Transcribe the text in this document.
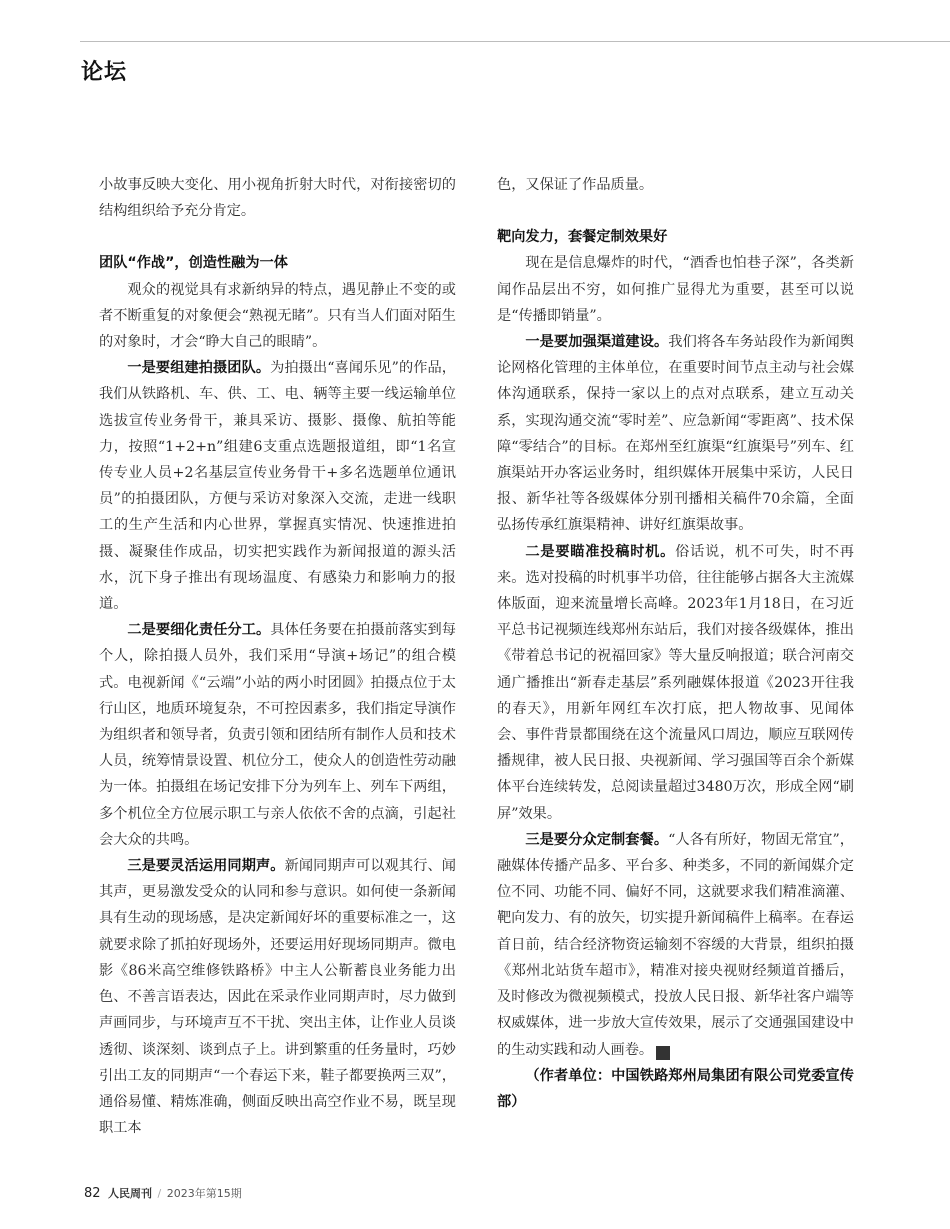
论坛

小故事反映大变化、用小视角折射大时代，对衔接密切的结构组织给予充分肯定。

团队“作战”，创造性融为一体

观众的视觉具有求新纳异的特点，遇见静止不变的或者不断重复的对象便会“熟视无睹”。只有当人们面对陌生的对象时，才会“睁大自己的眼睛”。

一是要组建拍摄团队。为拍摄出“喜闻乐见”的作品，我们从铁路机、车、供、工、电、辆等主要一线运输单位选拔宣传业务骨干，兼具采访、摄影、摄像、航拍等能力，按照“1+2+n”组建6支重点选题报道组，即“1名宣传专业人员+2名基层宣传业务骨干+多名选题单位通讯员”的拍摄团队，方便与采访对象深入交流，走进一线职工的生产生活和内心世界，掌握真实情况、快速推进拍摄、凝聚佳作成品，切实把实践作为新闻报道的源头活水，沉下身子推出有现场温度、有感染力和影响力的报道。

二是要细化责任分工。具体任务要在拍摄前落实到每个人，除拍摄人员外，我们采用“导演+场记”的组合模式。电视新闻《“云端”小站的两小时团圆》拍摄点位于太行山区，地质环境复杂，不可控因素多，我们指定导演作为组织者和领导者，负责引领和团结所有制作人员和技术人员，统筹情景设置、机位分工，使众人的创造性劳动融为一体。拍摄组在场记安排下分为列车上、列车下两组，多个机位全方位展示职工与亲人依依不舍的点滴，引起社会大众的共鸣。

三是要灵活运用同期声。新闻同期声可以观其行、闻其声，更易激发受众的认同和参与意识。如何使一条新闻具有生动的现场感，是决定新闻好坏的重要标准之一，这就要求除了抓拍好现场外，还要运用好现场同期声。微电影《86米高空维修铁路桥》中主人公靳蓄良业务能力出色、不善言语表达，因此在采录作业同期声时，尽力做到声画同步，与环境声互不干扰、突出主体，让作业人员谈透彻、谈深刻、谈到点子上。讲到繁重的任务量时，巧妙引出工友的同期声“一个春运下来，鞋子都要换两三双”，通俗易懂、精炼准确，侧面反映出高空作业不易，既呈现职工本

色，又保证了作品质量。

靶向发力，套餐定制效果好

现在是信息爆炸的时代，“酒香也怕巷子深”，各类新闻作品层出不穷，如何推广显得尤为重要，甚至可以说是“传播即销量”。

一是要加强渠道建设。我们将各车务站段作为新闻舆论网格化管理的主体单位，在重要时间节点主动与社会媒体沟通联系，保持一家以上的点对点联系，建立互动关系，实现沟通交流“零时差”、应急新闻“零距离”、技术保障“零结合”的目标。在郑州至红旗渠“红旗渠号”列车、红旗渠站开办客运业务时，组织媒体开展集中采访，人民日报、新华社等各级媒体分别刊播相关稿件70余篇，全面弘扬传承红旗渠精神、讲好红旗渠故事。

二是要瞄准投稿时机。俗话说，机不可失，时不再来。选对投稿的时机事半功倍，往往能够占据各大主流媒体版面，迎来流量增长高峰。2023年1月18日，在习近平总书记视频连线郑州东站后，我们对接各级媒体，推出《带着总书记的祝福回家》等大量反响报道；联合河南交通广播推出“新春走基层”系列融媒体报道《2023开往我的春天》，用新年网红车次打底，把人物故事、见闻体会、事件背景都围绕在这个流量风口周边，顺应互联网传播规律，被人民日报、央视新闻、学习强国等百余个新媒体平台连续转发，总阅读量超过3480万次，形成全网“刷屏”效果。

三是要分众定制套餐。“人各有所好，物固无常宜”，融媒体传播产品多、平台多、种类多，不同的新闻媒介定位不同、功能不同、偏好不同，这就要求我们精准滴灌、靶向发力、有的放矢，切实提升新闻稿件上稿率。在春运首日前，结合经济物资运输刻不容缓的大背景，组织拍摄《郑州北站货车超市》，精准对接央视财经频道首播后，及时修改为微视频模式，投放人民日报、新华社客户端等权威媒体，进一步放大宣传效果，展示了交通强国建设中的生动实践和动人画卷。	K

（作者单位：中国铁路郑州局集团有限公司党委宣传部）

82 人民周刊 / 2023年第15期
